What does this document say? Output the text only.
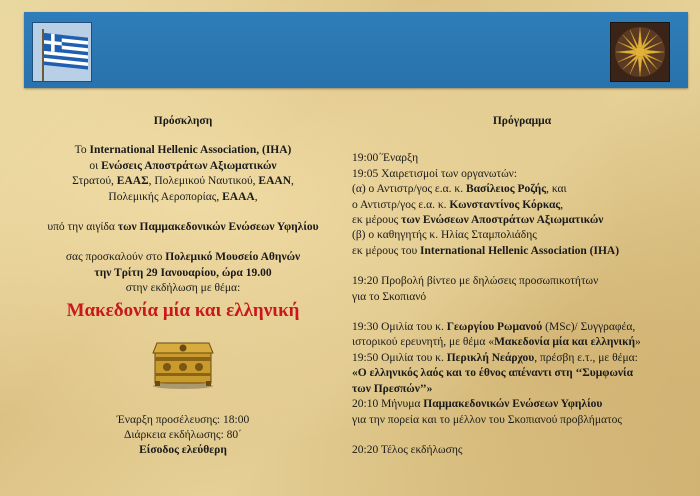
Πρόσκληση

Το International Hellenic Association, (IHA)

οι Ενώσεις Αποστράτων Αξιωματικών

Στρατού, ΕΑΑΣ, Πολεμικού Ναυτικού, ΕΑΑΝ,

Πολεμικής Αεροπορίας, ΕΑΑΑ,

υπό την αιγίδα των Παμμακεδονικών Ενώσεων Υφηλίου

σας προσκαλούν στο Πολεμικό Μουσείο Αθηνών

την Τρίτη 29 Ιανουαρίου, ώρα 19.00

στην εκδήλωση με θέμα:

Μακεδονία μία και ελληνική

Έναρξη προσέλευσης: 18:00

Διάρκεια εκδήλωσης: 80΄

Είσοδος ελεύθερη

Πρόγραμμα

19:00΄Έναρξη

19:05 Χαιρετισμοί των οργανωτών:

(α) ο Αντιστρ/γος ε.α. κ. Βασίλειος Ροζής, και

ο Αντιστρ/γος ε.α. κ. Κωνσταντίνος Κόρκας,

εκ μέρους των Ενώσεων Αποστράτων Αξιωματικών

(β) ο καθηγητής κ. Ηλίας Σταμπολιάδης

εκ μέρους του International Hellenic Association (IHA)

19:20 Προβολή βίντεο με δηλώσεις προσωπικοτήτων

για το Σκοπιανό

19:30 Ομιλία του κ. Γεωργίου Ρωμανού (MSc)/ Συγγραφέα,

ιστορικού ερευνητή, με θέμα «Μακεδονία μία και ελληνική»

19:50 Ομιλία του κ. Περικλή Νεάρχου, πρέσβη ε.τ., με θέμα:

«Ο ελληνικός λαός και το έθνος απέναντι στη ‘‘Συμφωνία

των Πρεσπών’’»

20:10 Μήνυμα Παμμακεδονικών Ενώσεων Υφηλίου

για την πορεία και το μέλλον του Σκοπιανού προβλήματος

20:20 Τέλος εκδήλωσης
